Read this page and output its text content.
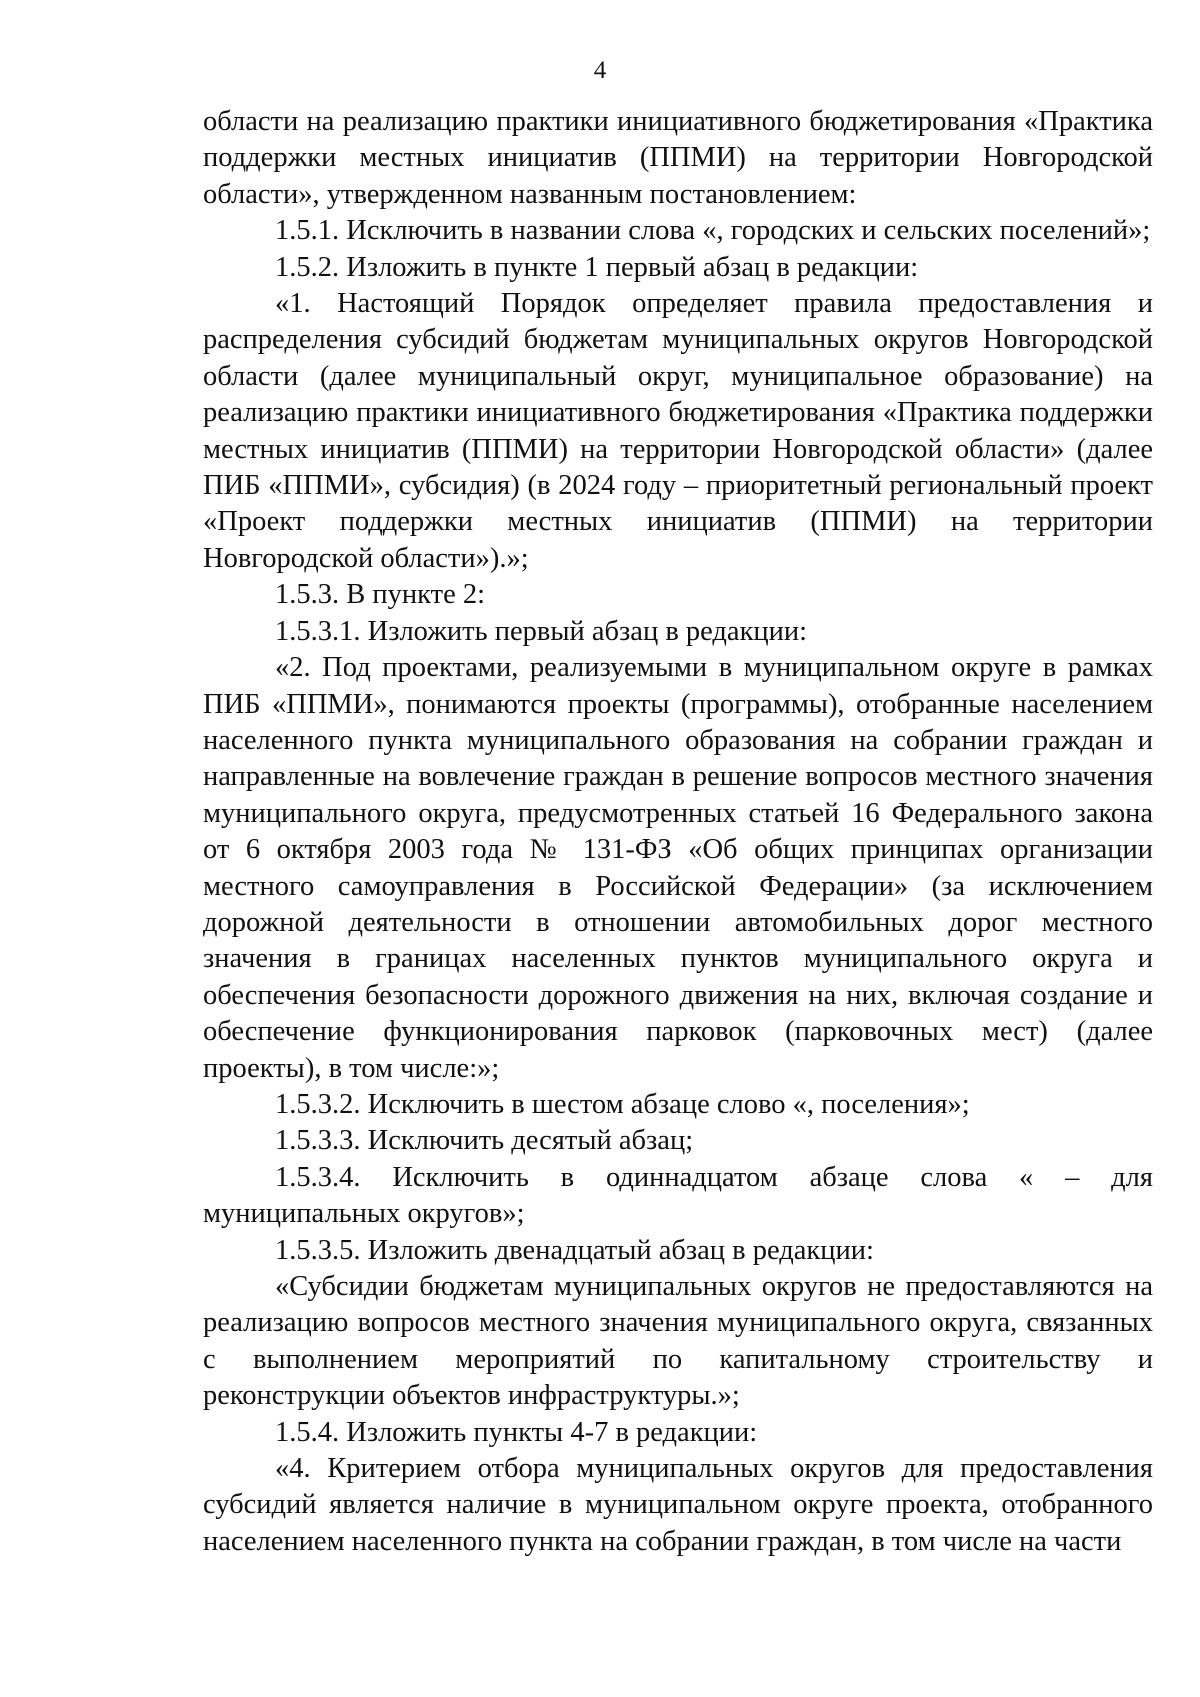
4

области на реализацию практики инициативного бюджетирования «Практика поддержки местных инициатив (ППМИ) на территории Новгородской области», утвержденном названным постановлением:

1.5.1. Исключить в названии слова «, городских и сельских поселений»;

1.5.2. Изложить в пункте 1 первый абзац в редакции:

«1. Настоящий Порядок определяет правила предоставления и распределения субсидий бюджетам муниципальных округов Новгородской области (далее муниципальный округ, муниципальное образование) на реализацию практики инициативного бюджетирования «Практика поддержки местных инициатив (ППМИ) на территории Новгородской области» (далее ПИБ «ППМИ», субсидия) (в 2024 году – приоритетный региональный проект «Проект поддержки местных инициатив (ППМИ) на территории Новгородской области»).»;

1.5.3. В пункте 2:

1.5.3.1. Изложить первый абзац в редакции:

«2. Под проектами, реализуемыми в муниципальном округе в рамках ПИБ «ППМИ», понимаются проекты (программы), отобранные населением населенного пункта муниципального образования на собрании граждан и направленные на вовлечение граждан в решение вопросов местного значения муниципального округа, предусмотренных статьей 16 Федерального закона от 6 октября 2003 года № 131-ФЗ «Об общих принципах организации местного самоуправления в Российской Федерации» (за исключением дорожной деятельности в отношении автомобильных дорог местного значения в границах населенных пунктов муниципального округа и обеспечения безопасности дорожного движения на них, включая создание и обеспечение функционирования парковок (парковочных мест) (далее проекты), в том числе:»;

1.5.3.2. Исключить в шестом абзаце слово «, поселения»;

1.5.3.3. Исключить десятый абзац;

1.5.3.4. Исключить в одиннадцатом абзаце слова « – для муниципальных округов»;

1.5.3.5. Изложить двенадцатый абзац в редакции:

«Субсидии бюджетам муниципальных округов не предоставляются на реализацию вопросов местного значения муниципального округа, связанных с выполнением мероприятий по капитальному строительству и реконструкции объектов инфраструктуры.»;

1.5.4. Изложить пункты 4-7 в редакции:

«4. Критерием отбора муниципальных округов для предоставления субсидий является наличие в муниципальном округе проекта, отобранного населением населенного пункта на собрании граждан, в том числе на части
